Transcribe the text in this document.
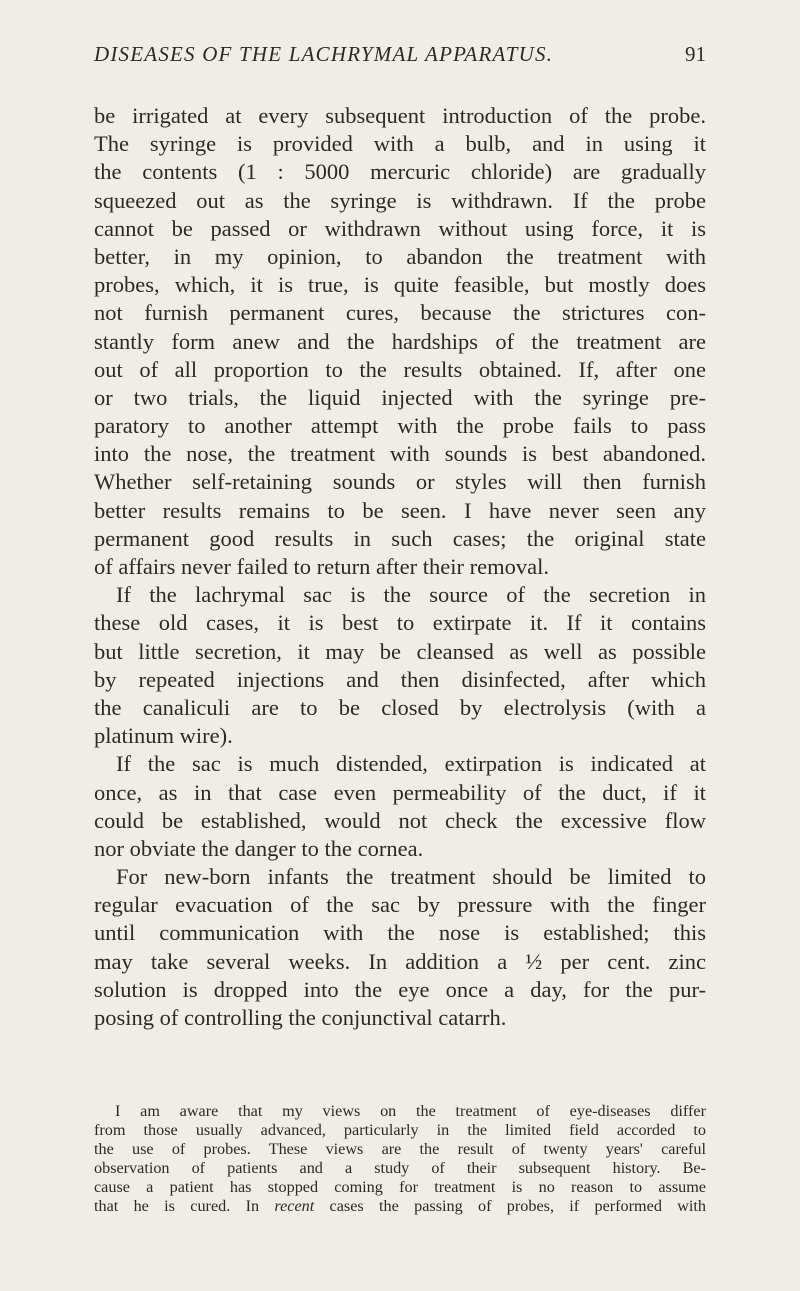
DISEASES OF THE LACHRYMAL APPARATUS.	91
be irrigated at every subsequent introduction of the probe.
The syringe is provided with a bulb, and in using it
the contents (1 : 5000 mercuric chloride) are gradually
squeezed out as the syringe is withdrawn. If the probe
cannot be passed or withdrawn without using force, it is
better, in my opinion, to abandon the treatment with
probes, which, it is true, is quite feasible, but mostly does
not furnish permanent cures, because the strictures con-
stantly form anew and the hardships of the treatment are
out of all proportion to the results obtained. If, after one
or two trials, the liquid injected with the syringe pre-
paratory to another attempt with the probe fails to pass
into the nose, the treatment with sounds is best abandoned.
Whether self-retaining sounds or styles will then furnish
better results remains to be seen. I have never seen any
permanent good results in such cases; the original state
of affairs never failed to return after their removal.
If the lachrymal sac is the source of the secretion in
these old cases, it is best to extirpate it. If it contains
but little secretion, it may be cleansed as well as possible
by repeated injections and then disinfected, after which
the canaliculi are to be closed by electrolysis (with a
platinum wire).
If the sac is much distended, extirpation is indicated at
once, as in that case even permeability of the duct, if it
could be established, would not check the excessive flow
nor obviate the danger to the cornea.
For new-born infants the treatment should be limited to
regular evacuation of the sac by pressure with the finger
until communication with the nose is established; this
may take several weeks. In addition a ½ per cent. zinc
solution is dropped into the eye once a day, for the pur-
posing of controlling the conjunctival catarrh.
I am aware that my views on the treatment of eye-diseases differ
from those usually advanced, particularly in the limited field accorded to
the use of probes. These views are the result of twenty years' careful
observation of patients and a study of their subsequent history. Be-
cause a patient has stopped coming for treatment is no reason to assume
that he is cured. In recent cases the passing of probes, if performed with
